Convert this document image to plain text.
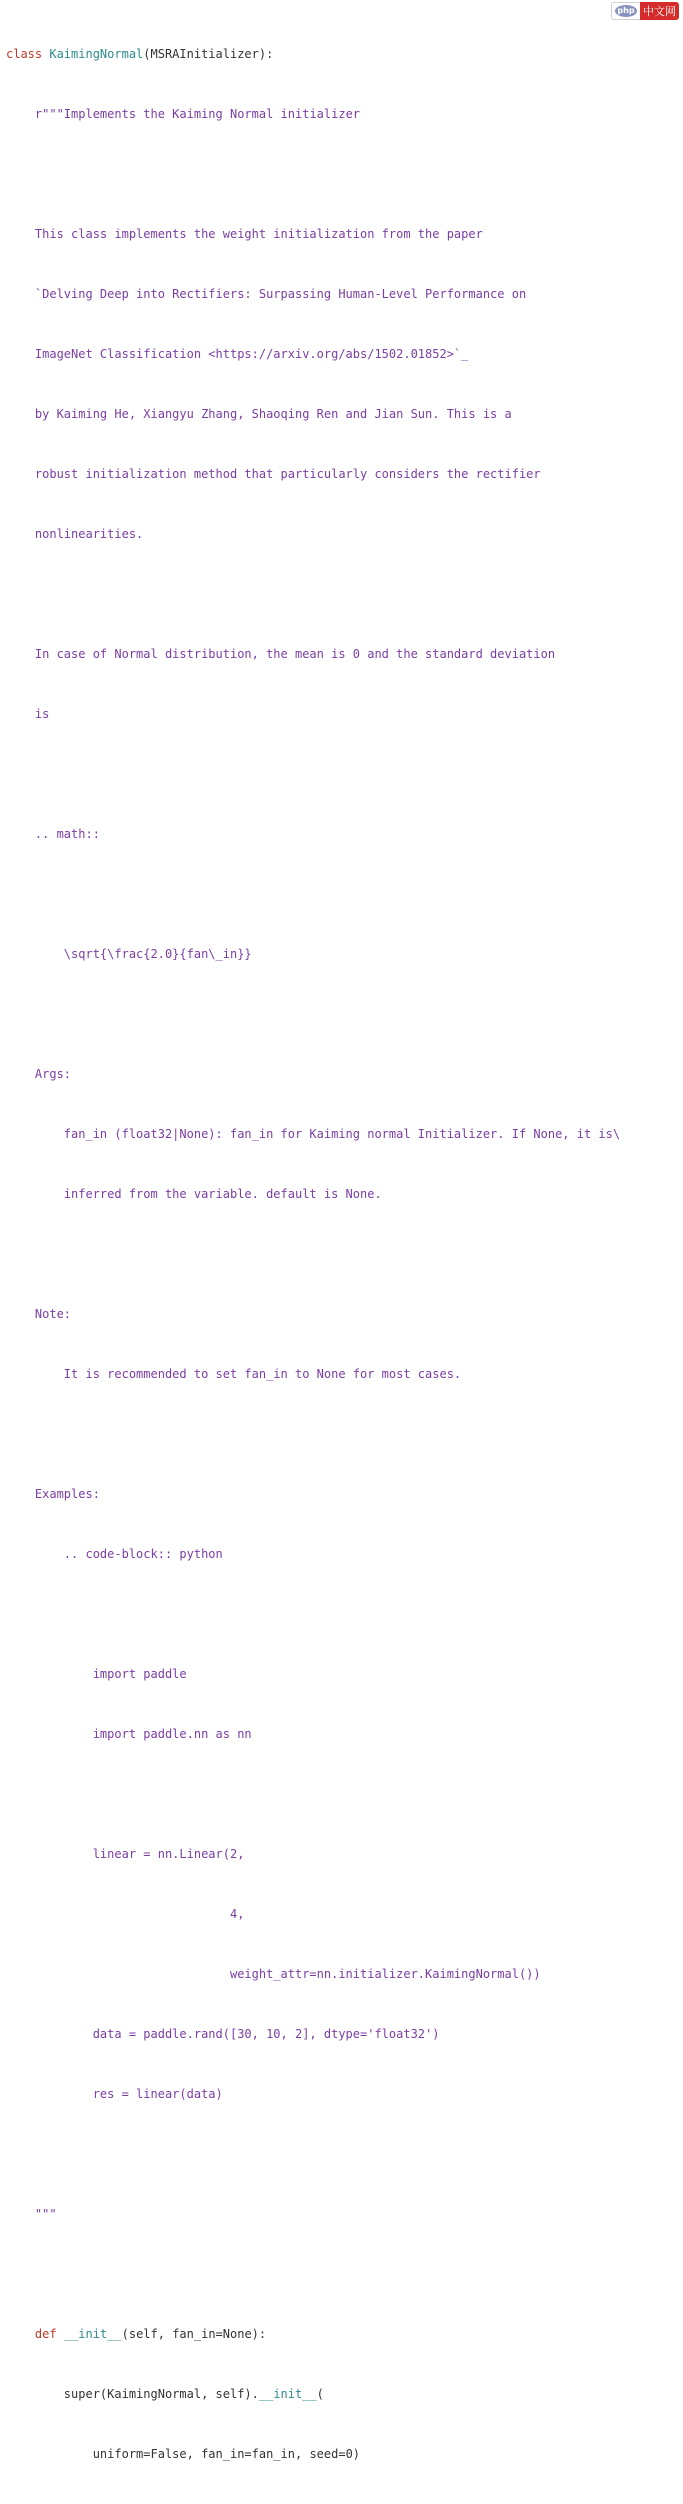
class KaimingNormal(MSRAInitializer):

r"""Implements the Kaiming Normal initializer

This class implements the weight initialization from the paper

`Delving Deep into Rectifiers: Surpassing Human-Level Performance on

ImageNet Classification <https://arxiv.org/abs/1502.01852>`_

by Kaiming He, Xiangyu Zhang, Shaoqing Ren and Jian Sun. This is a

robust initialization method that particularly considers the rectifier

nonlinearities.

In case of Normal distribution, the mean is 0 and the standard deviation

is

.. math::

\sqrt{\frac{2.0}{fan\_in}}

Args:

fan_in (float32|None): fan_in for Kaiming normal Initializer. If None, it is\

inferred from the variable. default is None.

Note:

It is recommended to set fan_in to None for most cases.

Examples:

.. code-block:: python

import paddle

import paddle.nn as nn

linear = nn.Linear(2,

4,

weight_attr=nn.initializer.KaimingNormal())

data = paddle.rand([30, 10, 2], dtype='float32')

res = linear(data)

"""

def __init__(self, fan_in=None):

super(KaimingNormal, self).__init__(

uniform=False, fan_in=fan_in, seed=0)

php 中文网
